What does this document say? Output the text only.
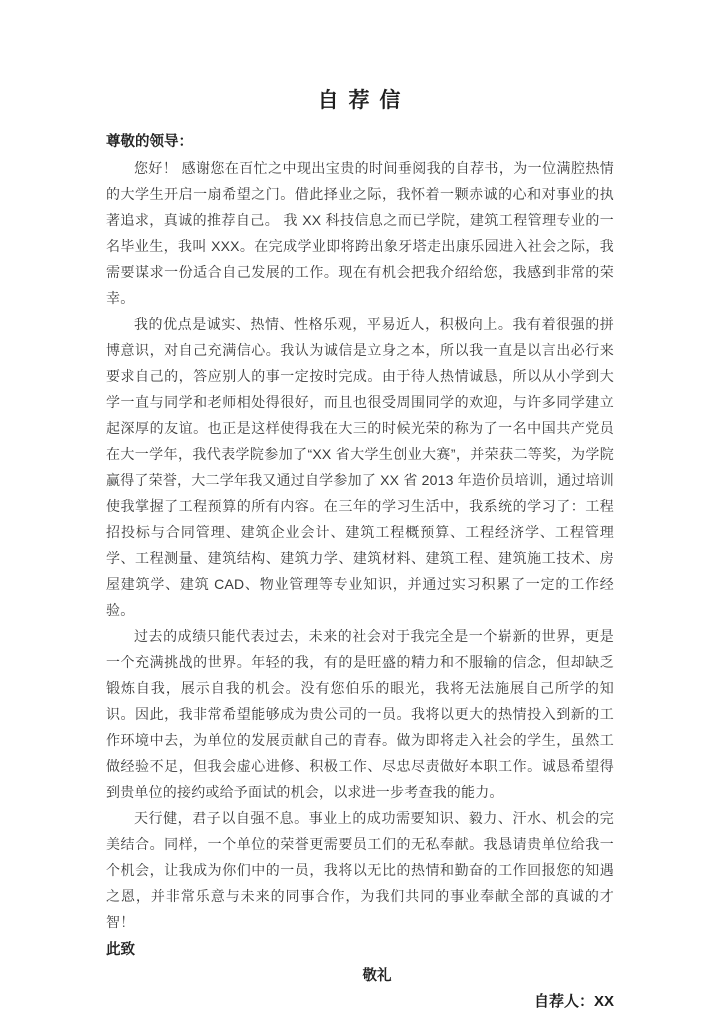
自 荐 信

尊敬的领导：

您好！ 感谢您在百忙之中现出宝贵的时间垂阅我的自荐书，为一位满腔热情的大学生开启一扇希望之门。借此择业之际，我怀着一颗赤诚的心和对事业的执著追求，真诚的推荐自己。 我 XX 科技信息之而已学院，建筑工程管理专业的一名毕业生，我叫 XXX。在完成学业即将跨出象牙塔走出康乐园进入社会之际，我需要谋求一份适合自己发展的工作。现在有机会把我介绍给您，我感到非常的荣幸。

我的优点是诚实、热情、性格乐观，平易近人，积极向上。我有着很强的拼博意识，对自己充满信心。我认为诚信是立身之本，所以我一直是以言出必行来要求自己的，答应别人的事一定按时完成。由于待人热情诚恳，所以从小学到大学一直与同学和老师相处得很好，而且也很受周围同学的欢迎，与许多同学建立起深厚的友谊。也正是这样使得我在大三的时候光荣的称为了一名中国共产党员 在大一学年，我代表学院参加了“XX 省大学生创业大赛”，并荣获二等奖，为学院赢得了荣誉，大二学年我又通过自学参加了 XX 省 2013 年造价员培训，通过培训使我掌握了工程预算的所有内容。在三年的学习生活中，我系统的学习了：工程招投标与合同管理、建筑企业会计、建筑工程概预算、工程经济学、工程管理学、工程测量、建筑结构、建筑力学、建筑材料、建筑工程、建筑施工技术、房屋建筑学、建筑 CAD、物业管理等专业知识，并通过实习积累了一定的工作经验。

过去的成绩只能代表过去，未来的社会对于我完全是一个崭新的世界，更是一个充满挑战的世界。年轻的我，有的是旺盛的精力和不服输的信念，但却缺乏锻炼自我，展示自我的机会。没有您伯乐的眼光，我将无法施展自己所学的知识。因此，我非常希望能够成为贵公司的一员。我将以更大的热情投入到新的工作环境中去，为单位的发展贡献自己的青春。做为即将走入社会的学生，虽然工做经验不足，但我会虚心进修、积极工作、尽忠尽责做好本职工作。诚恳希望得到贵单位的接约或给予面试的机会，以求进一步考查我的能力。

天行健，君子以自强不息。事业上的成功需要知识、毅力、汗水、机会的完美结合。同样，一个单位的荣誉更需要员工们的无私奉献。我恳请贵单位给我一个机会，让我成为你们中的一员，我将以无比的热情和勤奋的工作回报您的知遇之恩，并非常乐意与未来的同事合作，为我们共同的事业奉献全部的真诚的才智！

此致

敬礼

自荐人：XX
